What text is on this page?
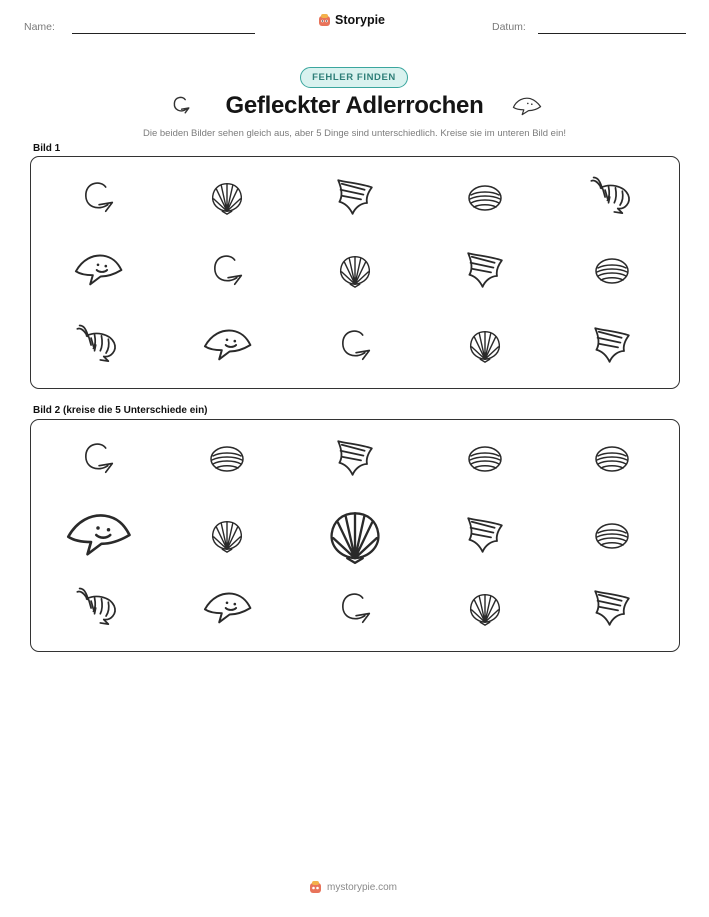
Name:	Storypie	Datum:
FEHLER FINDEN
Gefleckter Adlerrochen
Die beiden Bilder sehen gleich aus, aber 5 Dinge sind unterschiedlich. Kreise sie im unteren Bild ein!
Bild 1
Bild 2 (kreise die 5 Unterschiede ein)
mystorypie.com
